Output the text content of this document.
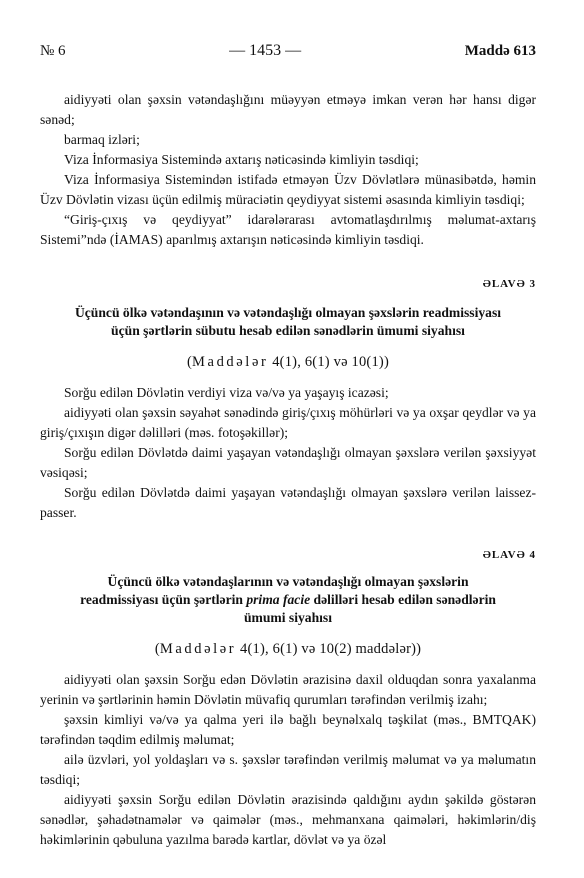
№ 6	— 1453 —	Maddə 613

aidiyyəti olan şəxsin vətəndaşlığını müəyyən etməyə imkan verən hər hansı digər sənəd;

barmaq izləri;

Viza İnformasiya Sistemində axtarış nəticəsində kimliyin təsdiqi;

Viza İnformasiya Sistemindən istifadə etməyən Üzv Dövlətlərə münasibətdə, həmin Üzv Dövlətin vizası üçün edilmiş müraciətin qeydiyyat sistemi əsasında kimliyin təsdiqi;

“Giriş-çıxış və qeydiyyat” idarələrarası avtomatlaşdırılmış məlumat-axtarış Sistemi”ndə (İAMAS) aparılmış axtarışın nəticəsində kimliyin təsdiqi.

ƏLAVƏ 3
Üçüncü ölkə vətəndaşının və vətəndaşlığı olmayan şəxslərin readmissiyası
üçün şərtlərin sübutu hesab edilən sənədlərin ümumi siyahısı
(Maddələr 4(1), 6(1) və 10(1))

Sorğu edilən Dövlətin verdiyi viza və/və ya yaşayış icazəsi;

aidiyyəti olan şəxsin səyahət sənədində giriş/çıxış möhürləri və ya oxşar qeydlər və ya giriş/çıxışın digər dəlilləri (məs. fotoşəkillər);

Sorğu edilən Dövlətdə daimi yaşayan vətəndaşlığı olmayan şəxslərə verilən şəxsiyyət vəsiqəsi;

Sorğu edilən Dövlətdə daimi yaşayan vətəndaşlığı olmayan şəxslərə verilən laissez-passer.

ƏLAVƏ 4
Üçüncü ölkə vətəndaşlarının və vətəndaşlığı olmayan şəxslərin
readmissiyası üçün şərtlərin prima facie dəlilləri hesab edilən sənədlərin
ümumi siyahısı
(Maddələr 4(1), 6(1) və 10(2) maddələr))

aidiyyəti olan şəxsin Sorğu edən Dövlətin ərazisinə daxil olduqdan sonra yaxalanma yerinin və şərtlərinin həmin Dövlətin müvafiq qurumları tərəfindən verilmiş izahı;

şəxsin kimliyi və/və ya qalma yeri ilə bağlı beynəlxalq təşkilat (məs., BMTQAK) tərəfindən təqdim edilmiş məlumat;

ailə üzvləri, yol yoldaşları və s. şəxslər tərəfindən verilmiş məlumat və ya məlumatın təsdiqi;

aidiyyəti şəxsin Sorğu edilən Dövlətin ərazisində qaldığını aydın şəkildə göstərən sənədlər, şəhadətnamələr və qaimələr (məs., mehmanxana qaimələri, həkimlərin/diş həkimlərinin qəbuluna yazılma barədə kartlar, dövlət və ya özəl
